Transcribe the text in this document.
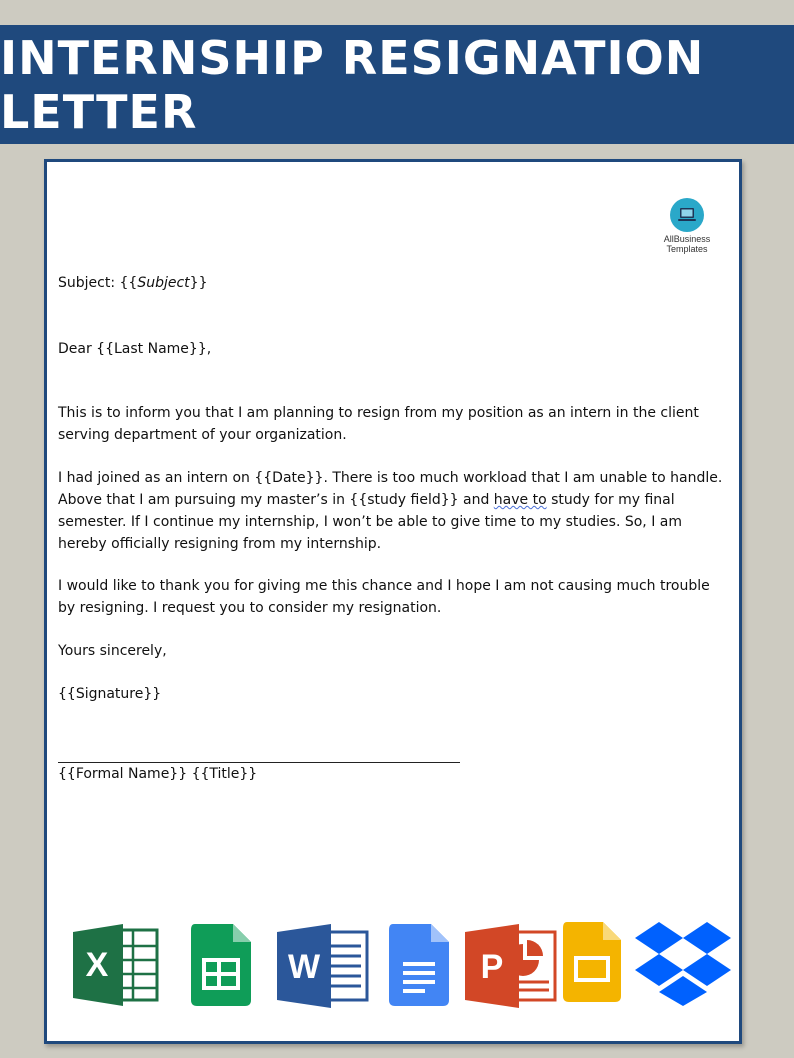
INTERNSHIP RESIGNATION LETTER
AllBusiness
Templates

Subject: {{Subject}}

Dear {{Last Name}},

This is to inform you that I am planning to resign from my position as an intern in the client serving department of your organization.

I had joined as an intern on {{Date}}. There is too much workload that I am unable to handle. Above that I am pursuing my master’s in {{study field}} and have to study for my final semester. If I continue my internship, I won’t be able to give time to my studies. So, I am hereby officially resigning from my internship.

I would like to thank you for giving me this chance and I hope I am not causing much trouble by resigning. I request you to consider my resignation.

Yours sincerely,

{{Signature}}

{{Formal Name}} {{Title}}

X	W	P
